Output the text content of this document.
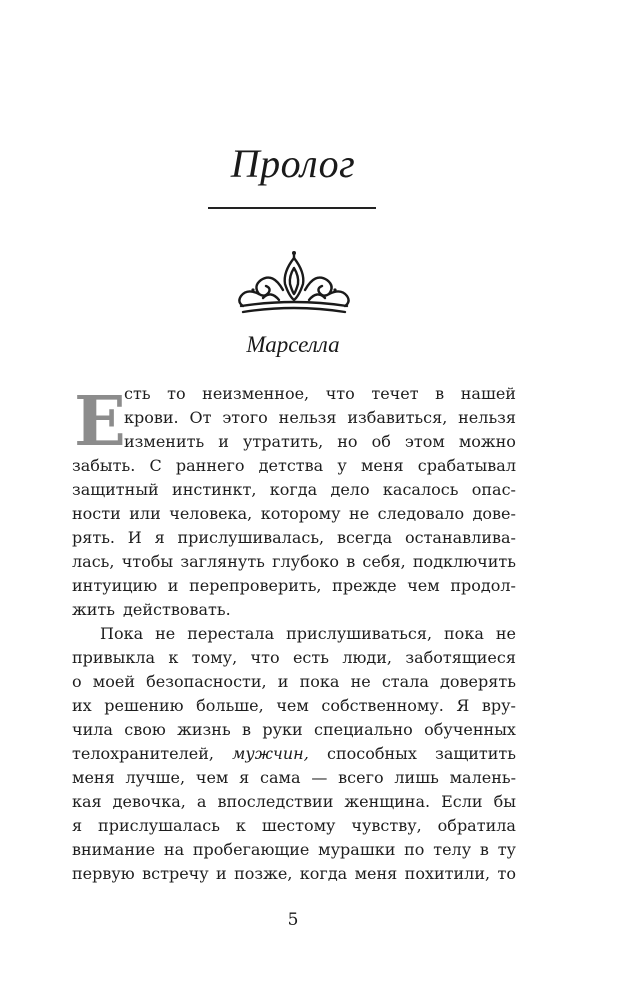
Пролог
Марселла
Е
сть то неизменное, что течет в нашей
крови. От этого нельзя избавиться, нельзя
изменить и утратить, но об этом можно
забыть. С раннего детства у меня срабатывал
защитный инстинкт, когда дело касалось опас-
ности или человека, которому не следовало дове-
рять. И я прислушивалась, всегда останавлива-
лась, чтобы заглянуть глубоко в себя, подключить
интуицию и перепроверить, прежде чем продол-
жить действовать.
Пока не перестала прислушиваться, пока не
привыкла к тому, что есть люди, заботящиеся
о моей безопасности, и пока не стала доверять
их решению больше, чем собственному. Я вру-
чила свою жизнь в руки специально обученных
телохранителей, мужчин, способных защитить
меня лучше, чем я сама — всего лишь малень-
кая девочка, а впоследствии женщина. Если бы
я прислушалась к шестому чувству, обратила
внимание на пробегающие мурашки по телу в ту
первую встречу и позже, когда меня похитили, то
5
